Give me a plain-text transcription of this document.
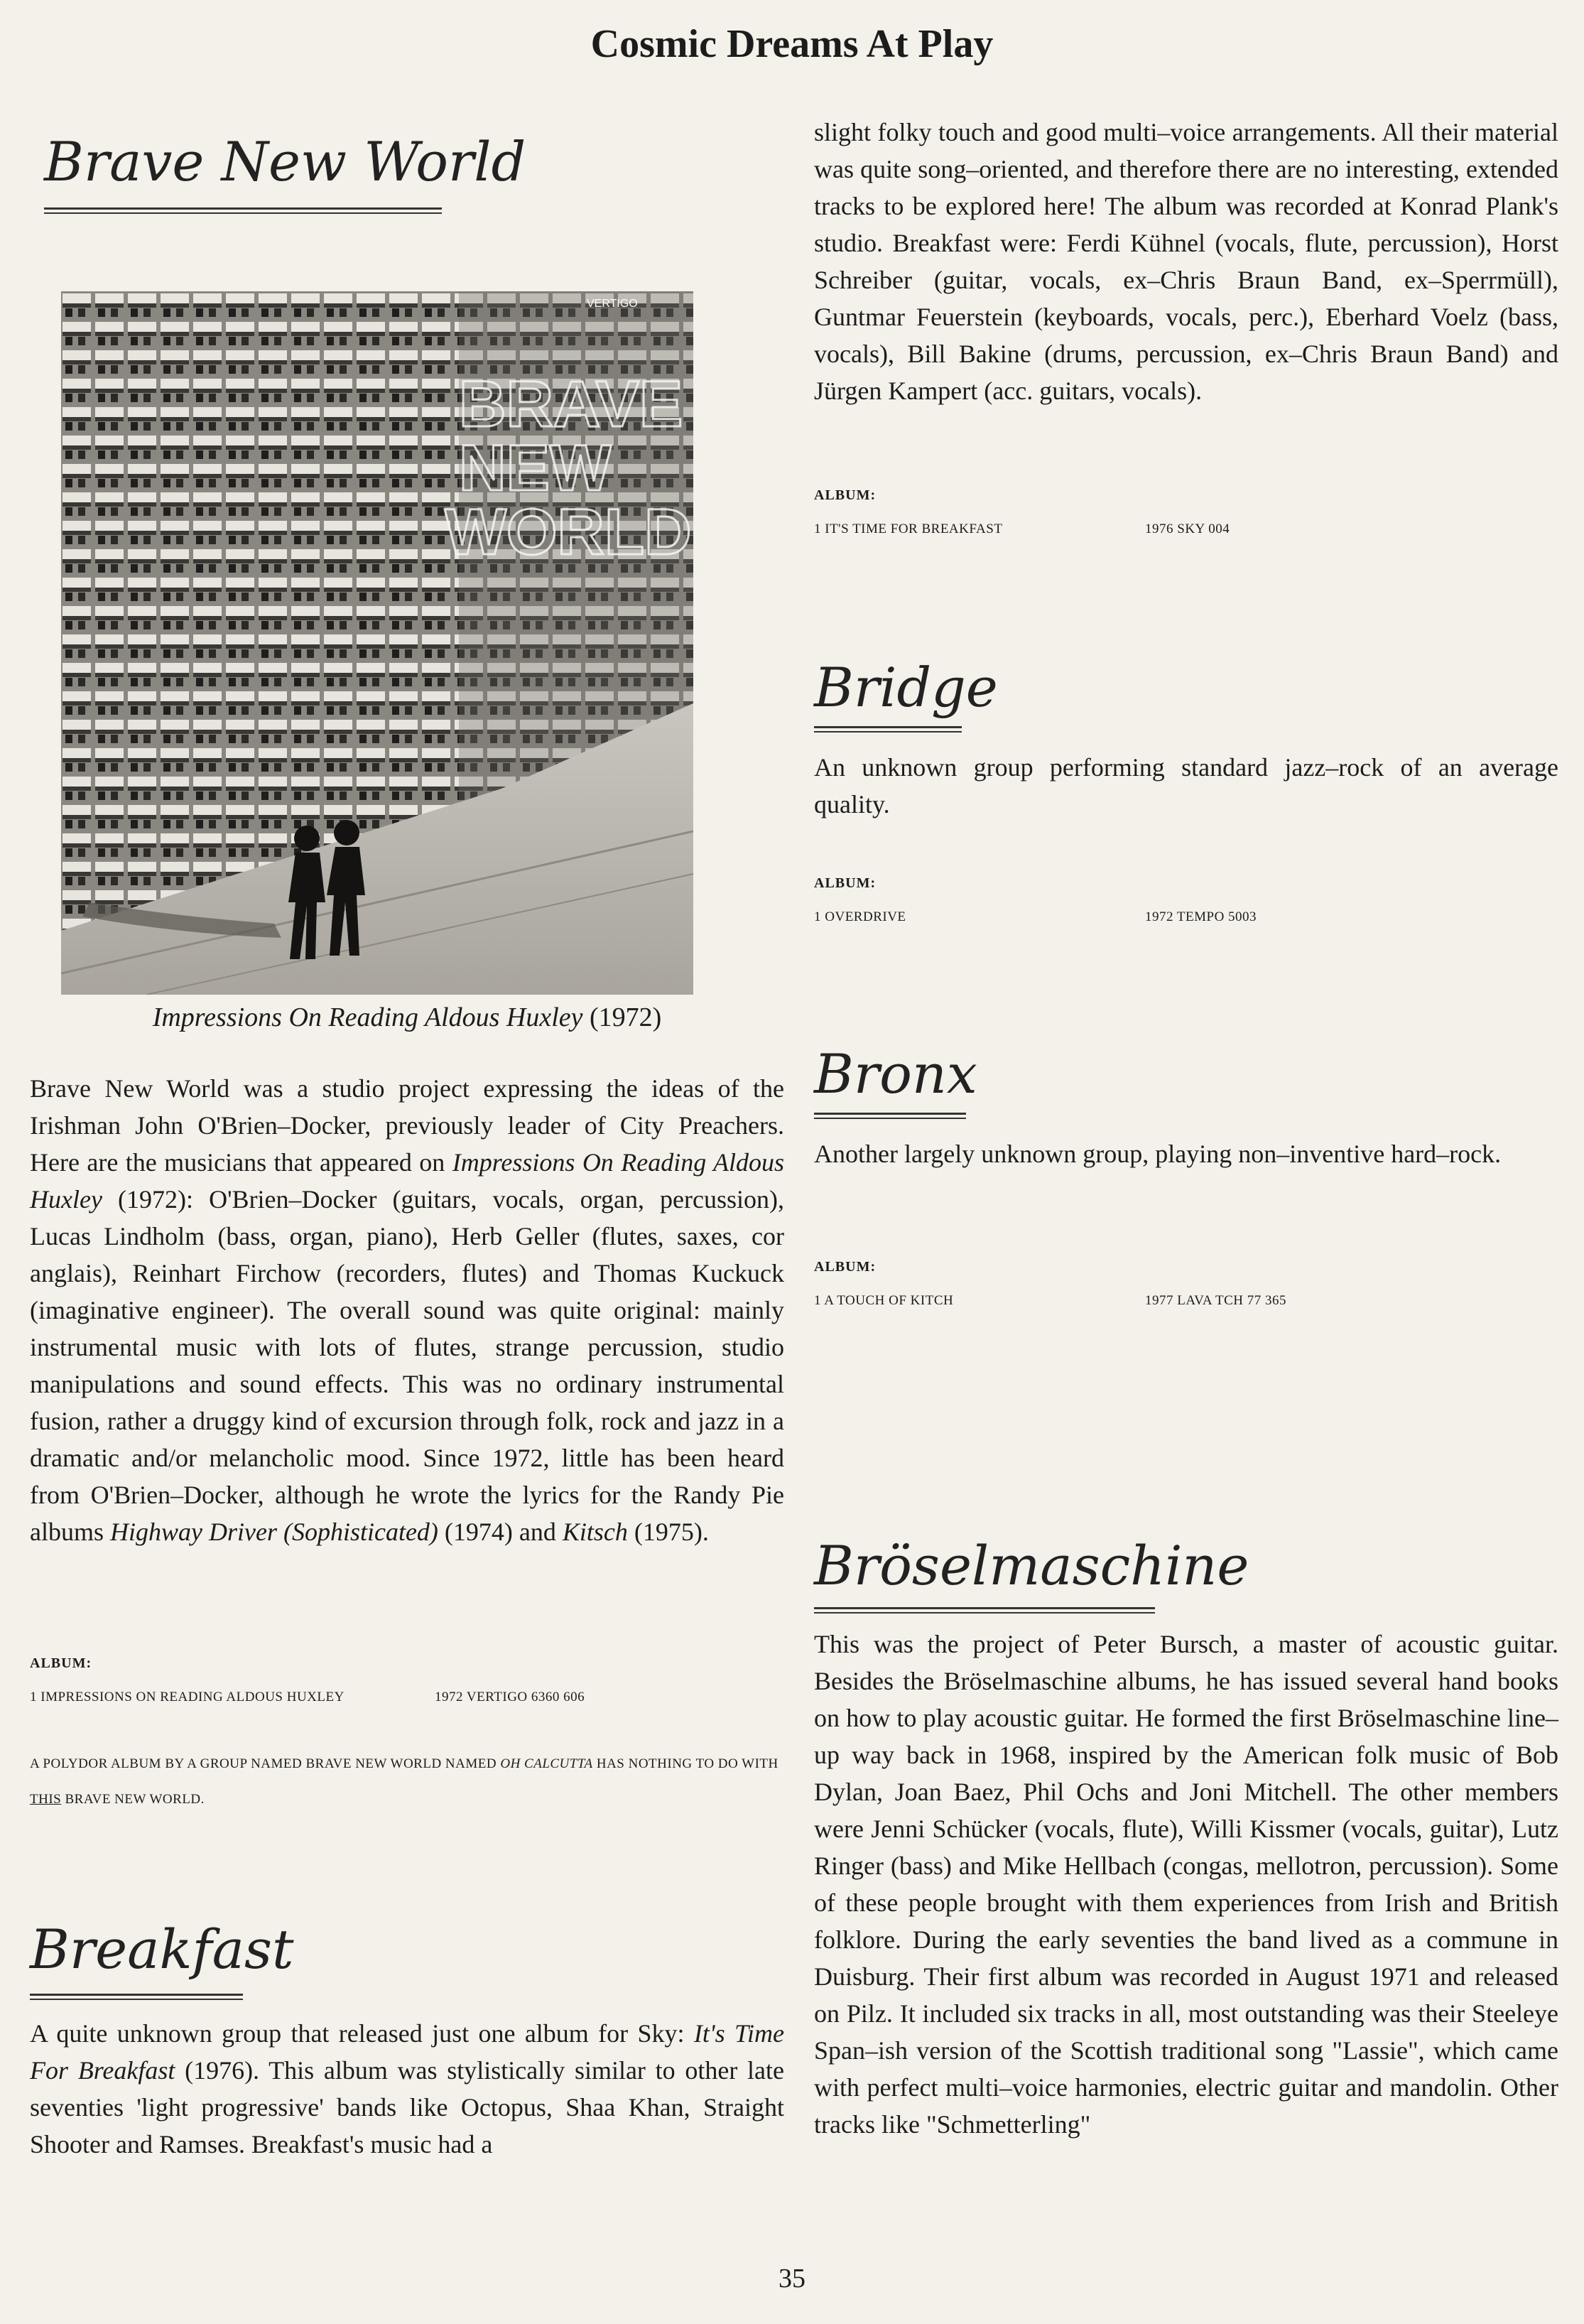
Cosmic Dreams At Play
Brave New World
VERTIGO
BRAVE
NEW
WORLD
Impressions On Reading Aldous Huxley (1972)

Brave New World was a studio project expressing the ideas of the Irishman John O'Brien–Docker, previously leader of City Preachers. Here are the musicians that appeared on Impressions On Reading Aldous Huxley (1972): O'Brien–Docker (guitars, vocals, organ, percussion), Lucas Lindholm (bass, organ, piano), Herb Geller (flutes, saxes, cor anglais), Reinhart Firchow (recorders, flutes) and Thomas Kuckuck (imaginative engineer). The overall sound was quite original: mainly instrumental music with lots of flutes, strange percussion, studio manipulations and sound effects. This was no ordinary instrumental fusion, rather a druggy kind of excursion through folk, rock and jazz in a dramatic and/or melancholic mood. Since 1972, little has been heard from O'Brien–Docker, although he wrote the lyrics for the Randy Pie albums Highway Driver (Sophisticated) (1974) and Kitsch (1975).

ALBUM:
1 IMPRESSIONS ON READING ALDOUS HUXLEY	1972 VERTIGO 6360 606
A POLYDOR ALBUM BY A GROUP NAMED BRAVE NEW WORLD NAMED OH CALCUTTA HAS NOTHING TO DO WITH THIS BRAVE NEW WORLD.
Breakfast

A quite unknown group that released just one album for Sky: It's Time For Breakfast (1976). This album was stylistically similar to other late seventies 'light progressive' bands like Octopus, Shaa Khan, Straight Shooter and Ramses. Breakfast's music had a

slight folky touch and good multi–voice arrangements. All their material was quite song–oriented, and therefore there are no interesting, extended tracks to be explored here! The album was recorded at Konrad Plank's studio. Breakfast were: Ferdi Kühnel (vocals, flute, percussion), Horst Schreiber (guitar, vocals, ex–Chris Braun Band, ex–Sperrmüll), Guntmar Feuerstein (keyboards, vocals, perc.), Eberhard Voelz (bass, vocals), Bill Bakine (drums, percussion, ex–Chris Braun Band) and Jürgen Kampert (acc. guitars, vocals).

ALBUM:
1 IT'S TIME FOR BREAKFAST	1976 SKY 004
Bridge

An unknown group performing standard jazz–rock of an average quality.

ALBUM:
1 OVERDRIVE	1972 TEMPO 5003
Bronx

Another largely unknown group, playing non–inventive hard–rock.

ALBUM:
1 A TOUCH OF KITCH	1977 LAVA TCH 77 365
Bröselmaschine

This was the project of Peter Bursch, a master of acoustic guitar. Besides the Bröselmaschine albums, he has issued several hand books on how to play acoustic guitar. He formed the first Bröselmaschine line–up way back in 1968, inspired by the American folk music of Bob Dylan, Joan Baez, Phil Ochs and Joni Mitchell. The other members were Jenni Schücker (vocals, flute), Willi Kissmer (vocals, guitar), Lutz Ringer (bass) and Mike Hellbach (congas, mellotron, percussion). Some of these people brought with them experiences from Irish and British folklore. During the early seventies the band lived as a commune in Duisburg. Their first album was recorded in August 1971 and released on Pilz. It included six tracks in all, most outstanding was their Steeleye Span–ish version of the Scottish traditional song "Lassie", which came with perfect multi–voice harmonies, electric guitar and mandolin. Other tracks like "Schmetterling"

35
